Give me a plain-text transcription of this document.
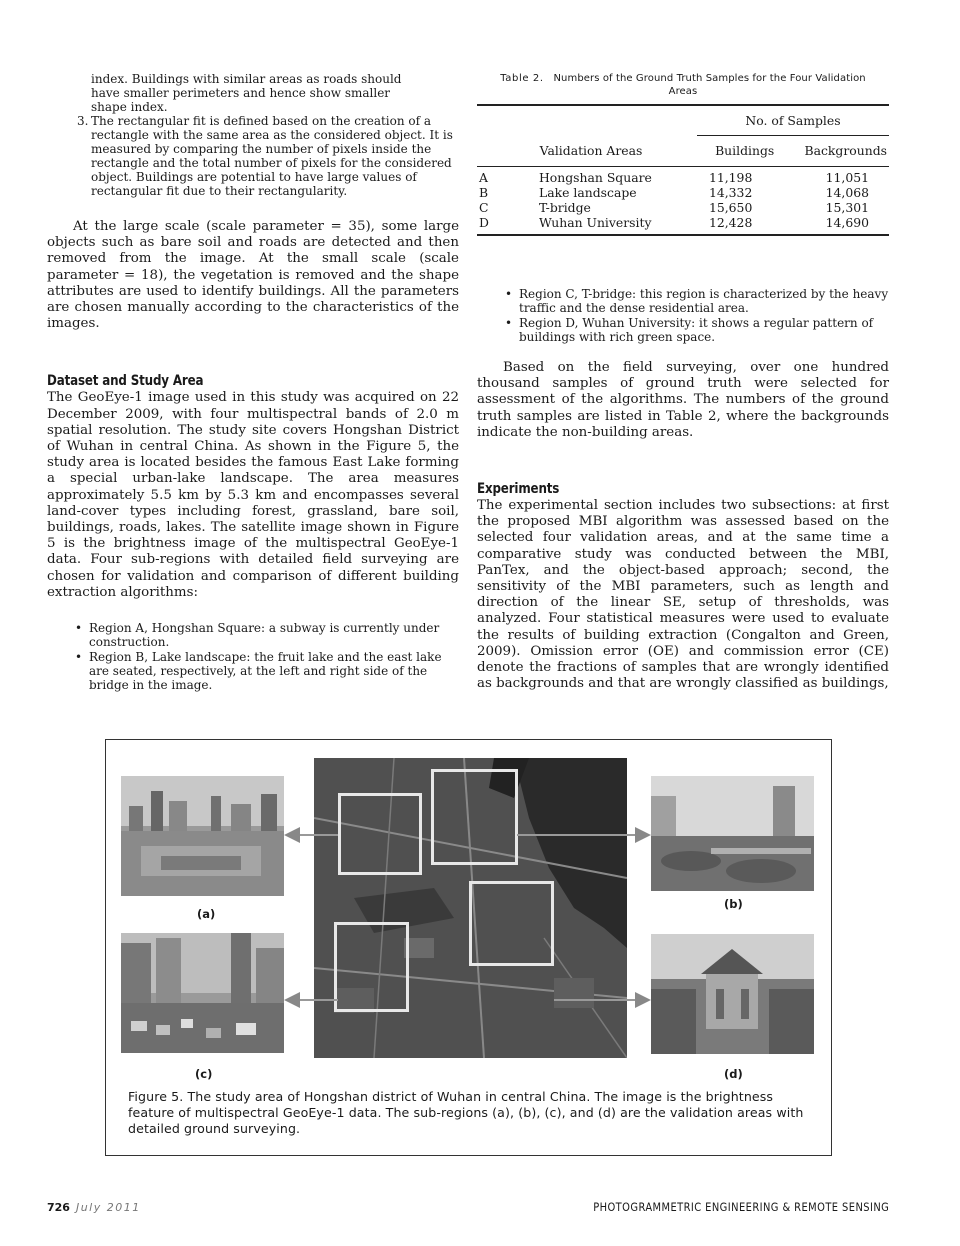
index. Buildings with similar areas as roads should
have smaller perimeters and hence show smaller
shape index.
3. The rectangular fit is defined based on the creation of a rectangle with the same area as the considered object. It is measured by comparing the number of pixels inside the rectangle and the total number of pixels for the considered object. Buildings are potential to have large values of rectangular fit due to their rectangularity.

At the large scale (scale parameter = 35), some large objects such as bare soil and roads are detected and then removed from the image. At the small scale (scale parameter = 18), the vegetation is removed and the shape attributes are used to identify buildings. All the parameters are chosen manually according to the characteristics of the images.

Dataset and Study Area

The GeoEye-1 image used in this study was acquired on 22 December 2009, with four multispectral bands of 2.0 m spatial resolution. The study site covers Hongshan District of Wuhan in central China. As shown in the Figure 5, the study area is located besides the famous East Lake forming a special urban-lake landscape. The area measures approximately 5.5 km by 5.3 km and encompasses several land-cover types including forest, grassland, bare soil, buildings, roads, lakes. The satellite image shown in Figure 5 is the brightness image of the multispectral GeoEye-1 data. Four sub-regions with detailed field surveying are chosen for validation and comparison of different building extraction algorithms:

• Region A, Hongshan Square: a subway is currently under construction.
• Region B, Lake landscape: the fruit lake and the east lake are seated, respectively, at the left and right side of the bridge in the image.
Table 2. Numbers of the Ground Truth Samples for the Four Validation
Areas
		No. of Samples	
Validation Areas		Buildings	Backgrounds

A	Hongshan Square	11,198	11,051
B	Lake landscape	14,332	14,068
C	T-bridge	15,650	15,301
D	Wuhan University	12,428	14,690

• Region C, T-bridge: this region is characterized by the heavy traffic and the dense residential area.
• Region D, Wuhan University: it shows a regular pattern of buildings with rich green space.

Based on the field surveying, over one hundred thousand samples of ground truth were selected for assessment of the algorithms. The numbers of the ground truth samples are listed in Table 2, where the backgrounds indicate the non-building areas.

Experiments

The experimental section includes two subsections: at first the proposed MBI algorithm was assessed based on the selected four validation areas, and at the same time a comparative study was conducted between the MBI, PanTex, and the object-based approach; second, the sensitivity of the MBI parameters, such as length and direction of the linear SE, setup of thresholds, was analyzed. Four statistical measures were used to evaluate the results of building extraction (Congalton and Green, 2009). Omission error (OE) and commission error (CE) denote the fractions of samples that are wrongly identified as backgrounds and that are wrongly classified as buildings,

(a)
(c)
(b)
(d)
Figure 5. The study area of Hongshan district of Wuhan in central China. The image is the brightness feature of multispectral GeoEye-1 data. The sub-regions (a), (b), (c), and (d) are the validation areas with detailed ground surveying.
726 July 2011	PHOTOGRAMMETRIC ENGINEERING & REMOTE SENSING
